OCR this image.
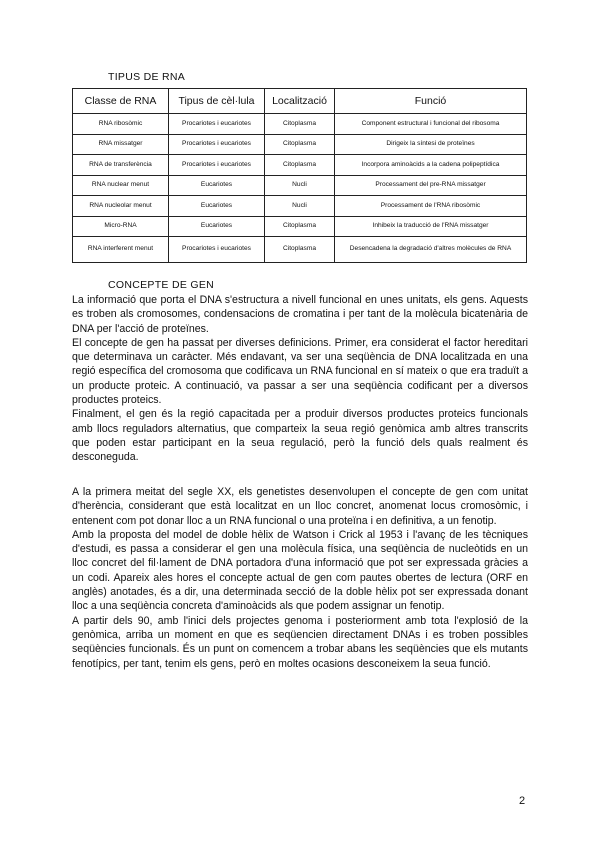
TIPUS DE RNA
Classe de RNA	Tipus de cèl·lula	Localització	Funció
RNA ribosòmic	Procariotes i eucariotes	Citoplasma	Component estructural i funcional del ribosoma
RNA missatger	Procariotes i eucariotes	Citoplasma	Dirigeix la síntesi de proteïnes
RNA de transferència	Procariotes i eucariotes	Citoplasma	Incorpora aminoàcids a la cadena polipeptídica
RNA nuclear menut	Eucariotes	Nucli	Processament del pre-RNA missatger
RNA nucleolar menut	Eucariotes	Nucli	Processament de l'RNA ribosòmic
Micro-RNA	Eucariotes	Citoplasma	Inhibeix la traducció de l'RNA missatger
RNA interferent menut	Procariotes i eucariotes	Citoplasma	Desencadena la degradació d'altres molècules de RNA
CONCEPTE DE GEN

La informació que porta el DNA s'estructura a nivell funcional en unes unitats, els gens. Aquests es troben als cromosomes, condensacions de cromatina i per tant de la molècula bicatenària de DNA per l'acció de proteïnes.

El concepte de gen ha passat per diverses definicions. Primer, era considerat el factor hereditari que determinava un caràcter. Més endavant, va ser una seqüència de DNA localitzada en una regió específica del cromosoma que codificava un RNA funcional en sí mateix o que era traduït a un producte proteic. A continuació, va passar a ser una seqüència codificant per a diversos productes proteics.

Finalment, el gen és la regió capacitada per a produir diversos productes proteics funcionals amb llocs reguladors alternatius, que comparteix la seua regió genòmica amb altres transcrits que poden estar participant en la seua regulació, però la funció dels quals realment és desconeguda.

A la primera meitat del segle XX, els genetistes desenvolupen el concepte de gen com unitat d'herència, considerant que està localitzat en un lloc concret, anomenat locus cromosòmic, i entenent com pot donar lloc a un RNA funcional o una proteïna i en definitiva, a un fenotip.

Amb la proposta del model de doble hèlix de Watson i Crick al 1953 i l'avanç de les tècniques d'estudi, es passa a considerar el gen una molècula física, una seqüència de nucleòtids en un lloc concret del fil·lament de DNA portadora d'una informació que pot ser expressada gràcies a un codi. Apareix ales hores el concepte actual de gen com pautes obertes de lectura (ORF en anglès) anotades, és a dir, una determinada secció de la doble hèlix pot ser expressada donant lloc a una seqüència concreta d'aminoàcids als que podem assignar un fenotip.

A partir dels 90, amb l'inici dels projectes genoma i posteriorment amb tota l'explosió de la genòmica, arriba un moment en que es seqüencien directament DNAs i es troben possibles seqüències funcionals. És un punt on comencem a trobar abans les seqüències que els mutants fenotípics, per tant, tenim els gens, però en moltes ocasions desconeixem la seua funció.

2
